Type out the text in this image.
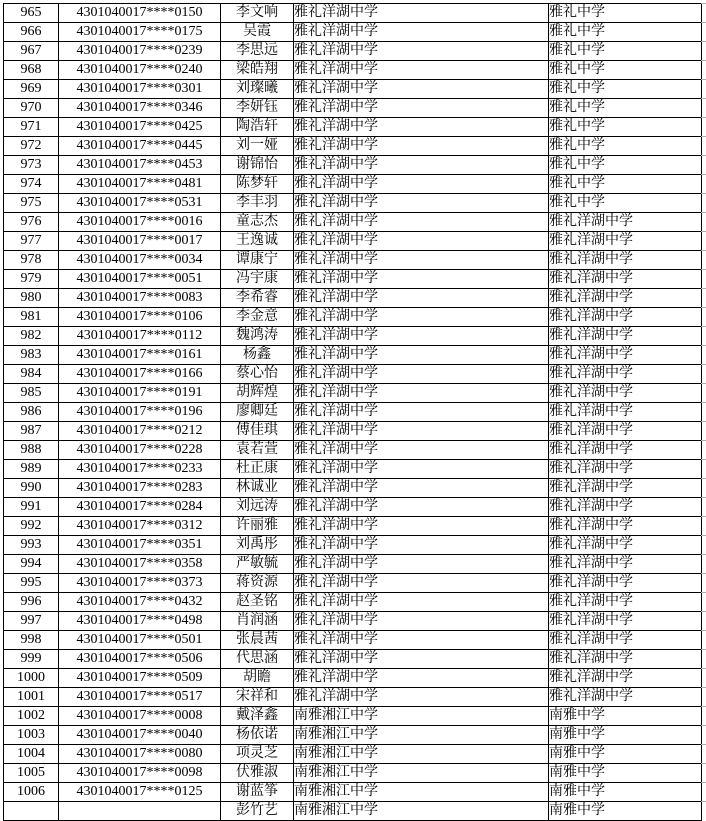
965	4301040017****0150	李文响	雅礼洋湖中学	雅礼中学
966	4301040017****0175	吴霞	雅礼洋湖中学	雅礼中学
967	4301040017****0239	李思远	雅礼洋湖中学	雅礼中学
968	4301040017****0240	梁皓翔	雅礼洋湖中学	雅礼中学
969	4301040017****0301	刘璨曦	雅礼洋湖中学	雅礼中学
970	4301040017****0346	李妍钰	雅礼洋湖中学	雅礼中学
971	4301040017****0425	陶浩轩	雅礼洋湖中学	雅礼中学
972	4301040017****0445	刘一娅	雅礼洋湖中学	雅礼中学
973	4301040017****0453	谢锦怡	雅礼洋湖中学	雅礼中学
974	4301040017****0481	陈梦轩	雅礼洋湖中学	雅礼中学
975	4301040017****0531	李丰羽	雅礼洋湖中学	雅礼中学
976	4301040017****0016	童志杰	雅礼洋湖中学	雅礼洋湖中学
977	4301040017****0017	王逸诚	雅礼洋湖中学	雅礼洋湖中学
978	4301040017****0034	谭康宁	雅礼洋湖中学	雅礼洋湖中学
979	4301040017****0051	冯宇康	雅礼洋湖中学	雅礼洋湖中学
980	4301040017****0083	李希睿	雅礼洋湖中学	雅礼洋湖中学
981	4301040017****0106	李金意	雅礼洋湖中学	雅礼洋湖中学
982	4301040017****0112	魏鸿涛	雅礼洋湖中学	雅礼洋湖中学
983	4301040017****0161	杨鑫	雅礼洋湖中学	雅礼洋湖中学
984	4301040017****0166	蔡心怡	雅礼洋湖中学	雅礼洋湖中学
985	4301040017****0191	胡辉煌	雅礼洋湖中学	雅礼洋湖中学
986	4301040017****0196	廖卿廷	雅礼洋湖中学	雅礼洋湖中学
987	4301040017****0212	傅佳琪	雅礼洋湖中学	雅礼洋湖中学
988	4301040017****0228	袁若萱	雅礼洋湖中学	雅礼洋湖中学
989	4301040017****0233	杜正康	雅礼洋湖中学	雅礼洋湖中学
990	4301040017****0283	林诚业	雅礼洋湖中学	雅礼洋湖中学
991	4301040017****0284	刘远涛	雅礼洋湖中学	雅礼洋湖中学
992	4301040017****0312	许丽雅	雅礼洋湖中学	雅礼洋湖中学
993	4301040017****0351	刘禹彤	雅礼洋湖中学	雅礼洋湖中学
994	4301040017****0358	严敏毓	雅礼洋湖中学	雅礼洋湖中学
995	4301040017****0373	蒋资源	雅礼洋湖中学	雅礼洋湖中学
996	4301040017****0432	赵圣铭	雅礼洋湖中学	雅礼洋湖中学
997	4301040017****0498	肖润涵	雅礼洋湖中学	雅礼洋湖中学
998	4301040017****0501	张晨茜	雅礼洋湖中学	雅礼洋湖中学
999	4301040017****0506	代思涵	雅礼洋湖中学	雅礼洋湖中学
1000	4301040017****0509	胡瞻	雅礼洋湖中学	雅礼洋湖中学
1001	4301040017****0517	宋祥和	雅礼洋湖中学	雅礼洋湖中学
1002	4301040017****0008	戴泽鑫	南雅湘江中学	南雅中学
1003	4301040017****0040	杨依诺	南雅湘江中学	南雅中学
1004	4301040017****0080	项灵芝	南雅湘江中学	南雅中学
1005	4301040017****0098	伏雅淑	南雅湘江中学	南雅中学
1006	4301040017****0125	谢蓝筝	南雅湘江中学	南雅中学
		彭竹艺	南雅湘江中学	南雅中学
